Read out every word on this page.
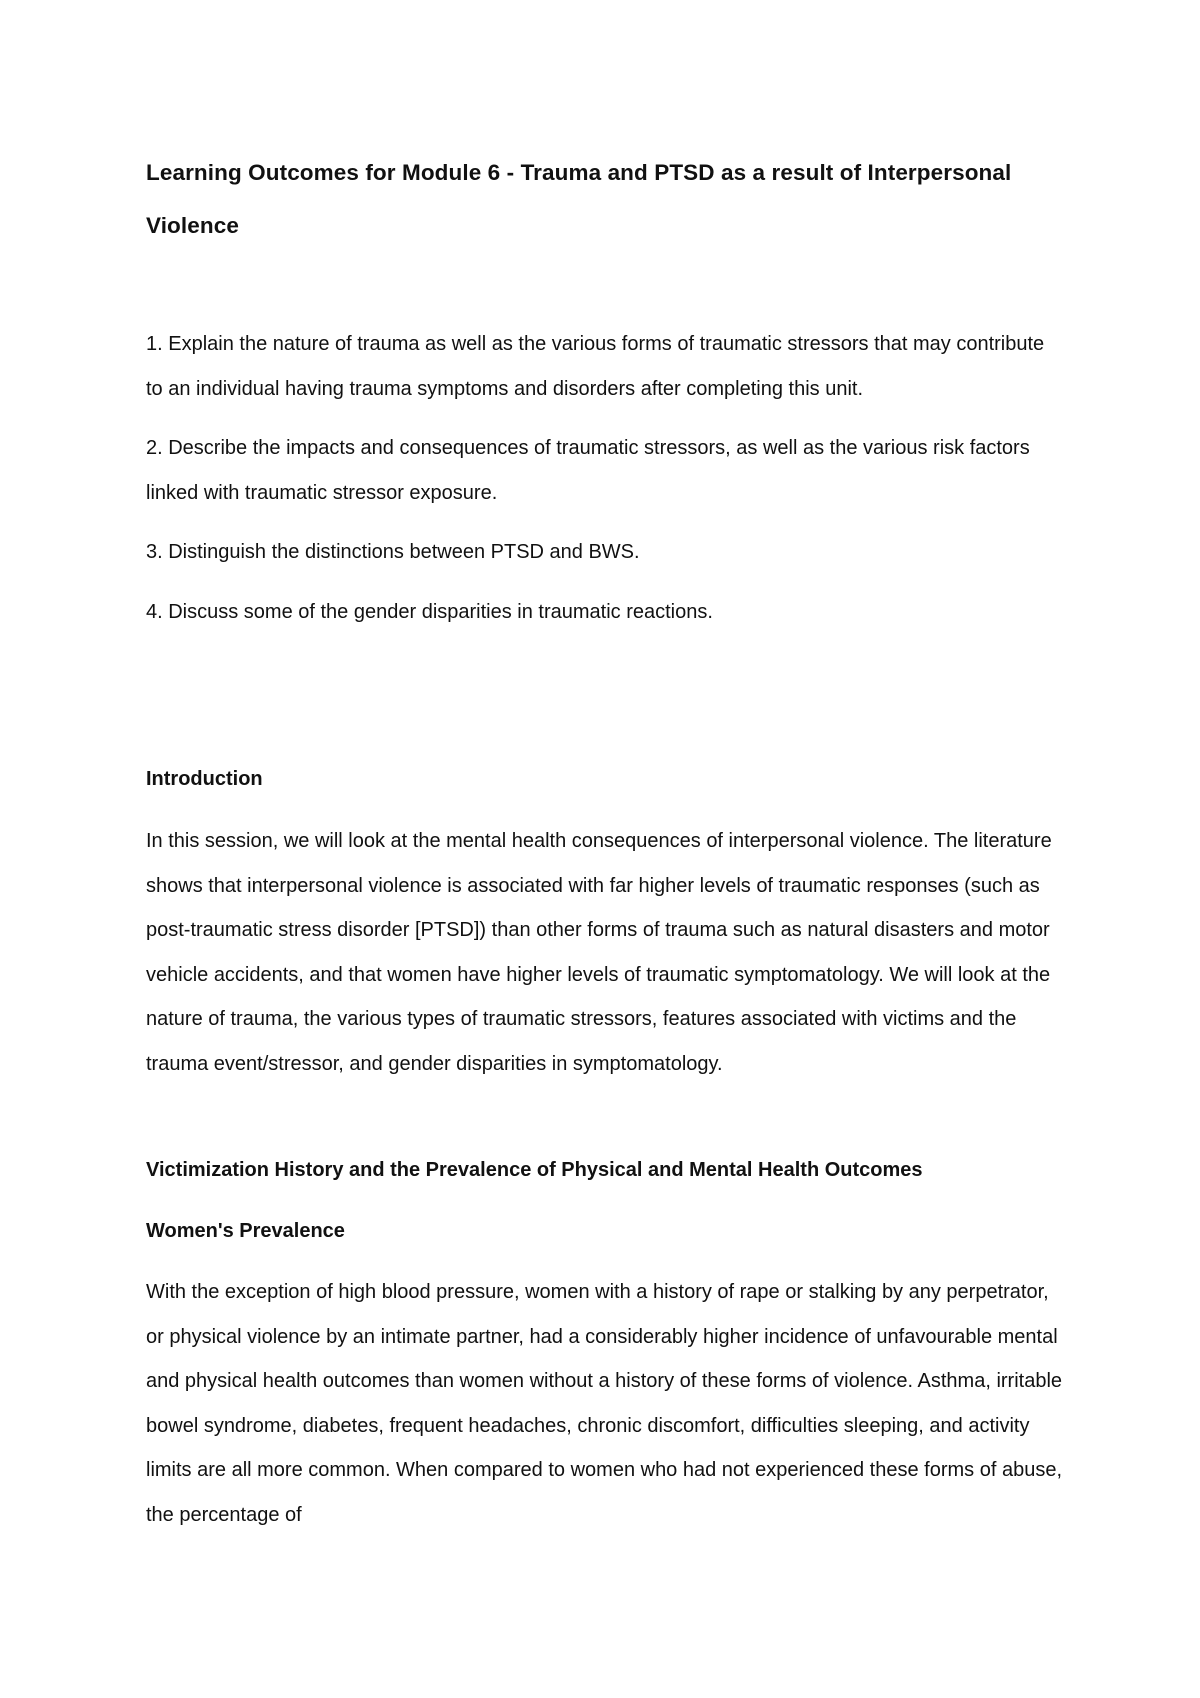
Learning Outcomes for Module 6 - Trauma and PTSD as a result of Interpersonal Violence
1. Explain the nature of trauma as well as the various forms of traumatic stressors that may contribute to an individual having trauma symptoms and disorders after completing this unit.
2. Describe the impacts and consequences of traumatic stressors, as well as the various risk factors linked with traumatic stressor exposure.
3. Distinguish the distinctions between PTSD and BWS.
4. Discuss some of the gender disparities in traumatic reactions.
Introduction

In this session, we will look at the mental health consequences of interpersonal violence. The literature shows that interpersonal violence is associated with far higher levels of traumatic responses (such as post-traumatic stress disorder [PTSD]) than other forms of trauma such as natural disasters and motor vehicle accidents, and that women have higher levels of traumatic symptomatology. We will look at the nature of trauma, the various types of traumatic stressors, features associated with victims and the trauma event/stressor, and gender disparities in symptomatology.

Victimization History and the Prevalence of Physical and Mental Health Outcomes
Women's Prevalence

With the exception of high blood pressure, women with a history of rape or stalking by any perpetrator, or physical violence by an intimate partner, had a considerably higher incidence of unfavourable mental and physical health outcomes than women without a history of these forms of violence. Asthma, irritable bowel syndrome, diabetes, frequent headaches, chronic discomfort, difficulties sleeping, and activity limits are all more common. When compared to women who had not experienced these forms of abuse, the percentage of
